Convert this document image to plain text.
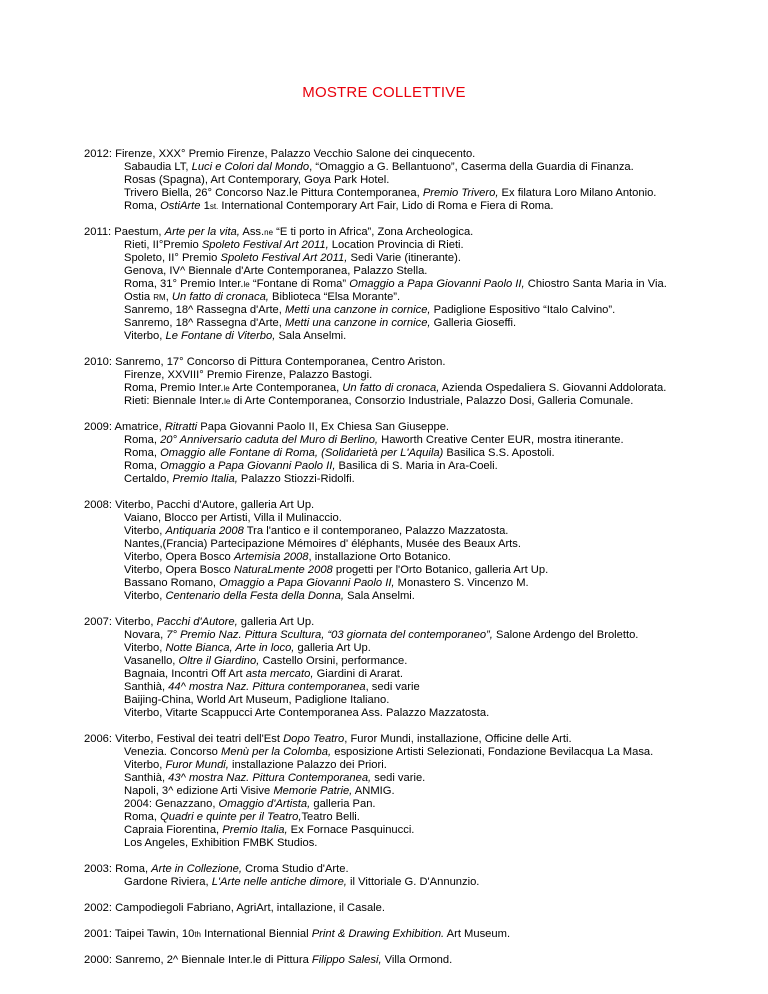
MOSTRE COLLETTIVE
2012: Firenze, XXX° Premio Firenze, Palazzo Vecchio Salone dei cinquecento.
Sabaudia LT, Luci e Colori dal Mondo, “Omaggio a G. Bellantuono”, Caserma della Guardia di Finanza.
Rosas (Spagna), Art Contemporary, Goya Park Hotel.
Trivero Biella, 26° Concorso Naz.le Pittura Contemporanea, Premio Trivero, Ex filatura Loro Milano Antonio.
Roma, OstiArte 1st. International Contemporary Art Fair, Lido di Roma e Fiera di Roma.
2011: Paestum, Arte per la vita, Ass.ne “E ti porto in Africa”, Zona Archeologica.
Rieti, II°Premio Spoleto Festival Art 2011, Location Provincia di Rieti.
Spoleto, II° Premio Spoleto Festival Art 2011, Sedi Varie (itinerante).
Genova, IV^ Biennale d'Arte Contemporanea, Palazzo Stella.
Roma, 31° Premio Inter.le “Fontane di Roma” Omaggio a Papa Giovanni Paolo II, Chiostro Santa Maria in Via.
Ostia RM, Un fatto di cronaca, Biblioteca “Elsa Morante”.
Sanremo, 18^ Rassegna d'Arte, Metti una canzone in cornice, Padiglione Espositivo “Italo Calvino”.
Sanremo, 18^ Rassegna d'Arte, Metti una canzone in cornice, Galleria Gioseffi.
Viterbo, Le Fontane di Viterbo, Sala Anselmi.
2010: Sanremo, 17° Concorso di Pittura Contemporanea, Centro Ariston.
Firenze, XXVIII° Premio Firenze, Palazzo Bastogi.
Roma, Premio Inter.le Arte Contemporanea, Un fatto di cronaca, Azienda Ospedaliera S. Giovanni Addolorata.
Rieti: Biennale Inter.le di Arte Contemporanea, Consorzio Industriale, Palazzo Dosi, Galleria Comunale.
2009: Amatrice, Ritratti Papa Giovanni Paolo II, Ex Chiesa San Giuseppe.
Roma, 20° Anniversario caduta del Muro di Berlino, Haworth Creative Center EUR, mostra itinerante.
Roma, Omaggio alle Fontane di Roma, (Solidarietà per L'Aquila) Basilica S.S. Apostoli.
Roma, Omaggio a Papa Giovanni Paolo II, Basilica di S. Maria in Ara-Coeli.
Certaldo, Premio Italia, Palazzo Stiozzi-Ridolfi.
2008: Viterbo, Pacchi d'Autore, galleria Art Up.
Vaiano, Blocco per Artisti, Villa il Mulinaccio.
Viterbo, Antiquaria 2008 Tra l'antico e il contemporaneo, Palazzo Mazzatosta.
Nantes,(Francia) Partecipazione Mémoires d' éléphants, Musée des Beaux Arts.
Viterbo, Opera Bosco Artemisia 2008, installazione Orto Botanico.
Viterbo, Opera Bosco NaturaLmente 2008 progetti per l'Orto Botanico, galleria Art Up.
Bassano Romano, Omaggio a Papa Giovanni Paolo II, Monastero S. Vincenzo M.
Viterbo, Centenario della Festa della Donna, Sala Anselmi.
2007: Viterbo, Pacchi d'Autore, galleria Art Up.
Novara, 7° Premio Naz. Pittura Scultura, “03 giornata del contemporaneo”, Salone Ardengo del Broletto.
Viterbo, Notte Bianca, Arte in loco, galleria Art Up.
Vasanello, Oltre il Giardino, Castello Orsini, performance.
Bagnaia, Incontri Off Art asta mercato, Giardini di Ararat.
Santhià, 44^ mostra Naz. Pittura contemporanea, sedi varie
Baijing-China, World Art Museum, Padiglione Italiano.
Viterbo, Vitarte Scappucci Arte Contemporanea Ass. Palazzo Mazzatosta.
2006: Viterbo, Festival dei teatri dell'Est Dopo Teatro, Furor Mundi, installazione, Officine delle Arti.
Venezia. Concorso Menù per la Colomba, esposizione Artisti Selezionati, Fondazione Bevilacqua La Masa.
Viterbo, Furor Mundi, installazione Palazzo dei Priori.
Santhià, 43^ mostra Naz. Pittura Contemporanea, sedi varie.
Napoli, 3^ edizione Arti Visive Memorie Patrie, ANMIG.
2004: Genazzano, Omaggio d'Artista, galleria Pan.
Roma, Quadri e quinte per il Teatro,Teatro Belli.
Capraia Fiorentina, Premio Italia, Ex Fornace Pasquinucci.
Los Angeles, Exhibition FMBK Studios.
2003: Roma, Arte in Collezione, Croma Studio d'Arte.
Gardone Riviera, L'Arte nelle antiche dimore, il Vittoriale G. D'Annunzio.
2002: Campodiegoli Fabriano, AgriArt, intallazione, il Casale.
2001: Taipei Tawin, 10th International Biennial Print & Drawing Exhibition. Art Museum.
2000: Sanremo, 2^ Biennale Inter.le di Pittura Filippo Salesi, Villa Ormond.
